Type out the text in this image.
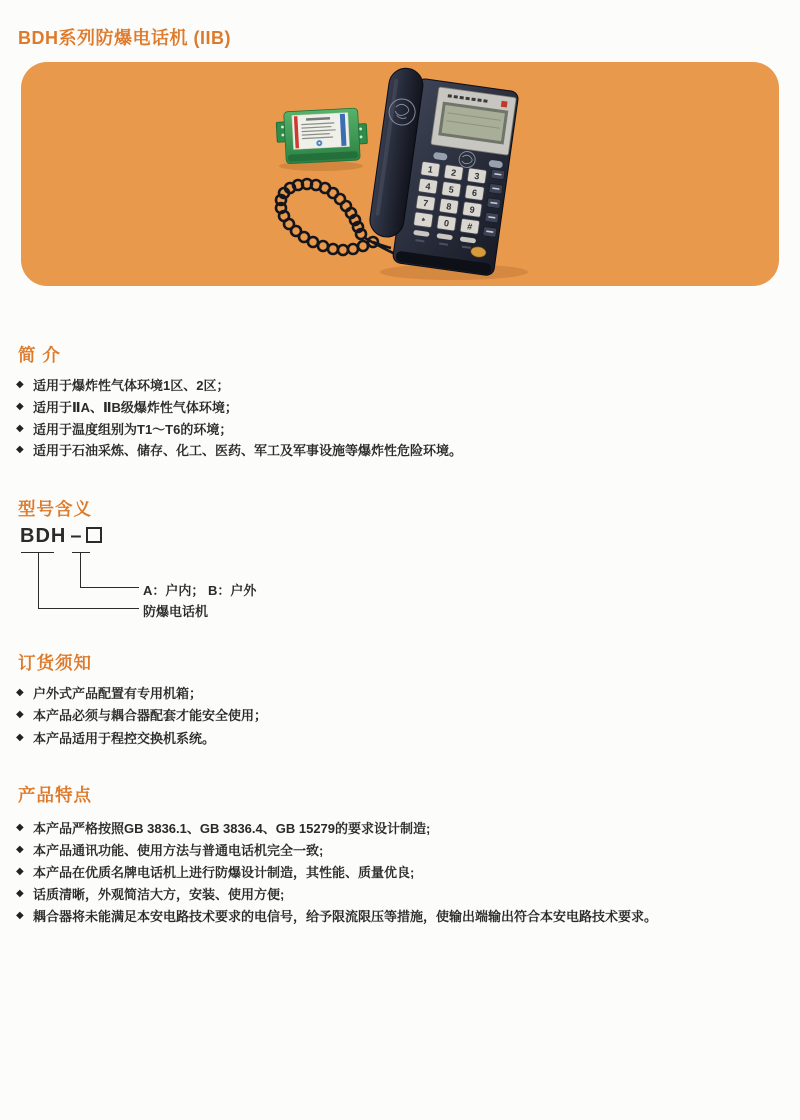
BDH系列防爆电话机 (IIB)
1 2 3
4 5 6
7 8 9
* 0 #
简 介
◆ 适用于爆炸性气体环境1区、2区；
◆ 适用于ⅡA、ⅡB级爆炸性气体环境；
◆ 适用于温度组别为T1～T6的环境；
◆ 适用于石油采炼、储存、化工、医药、军工及军事设施等爆炸性危险环境。
型号含义
BDH –
A：户内； B：户外
防爆电话机
订货须知
◆ 户外式产品配置有专用机箱；
◆ 本产品必须与耦合器配套才能安全使用；
◆ 本产品适用于程控交换机系统。
产品特点
◆ 本产品严格按照GB 3836.1、GB 3836.4、GB 15279的要求设计制造;
◆ 本产品通讯功能、使用方法与普通电话机完全一致;
◆ 本产品在优质名牌电话机上进行防爆设计制造，其性能、质量优良;
◆ 话质清晰，外观简洁大方，安装、使用方便;
◆ 耦合器将未能满足本安电路技术要求的电信号，给予限流限压等措施，使输出端输出符合本安电路技术要求。
